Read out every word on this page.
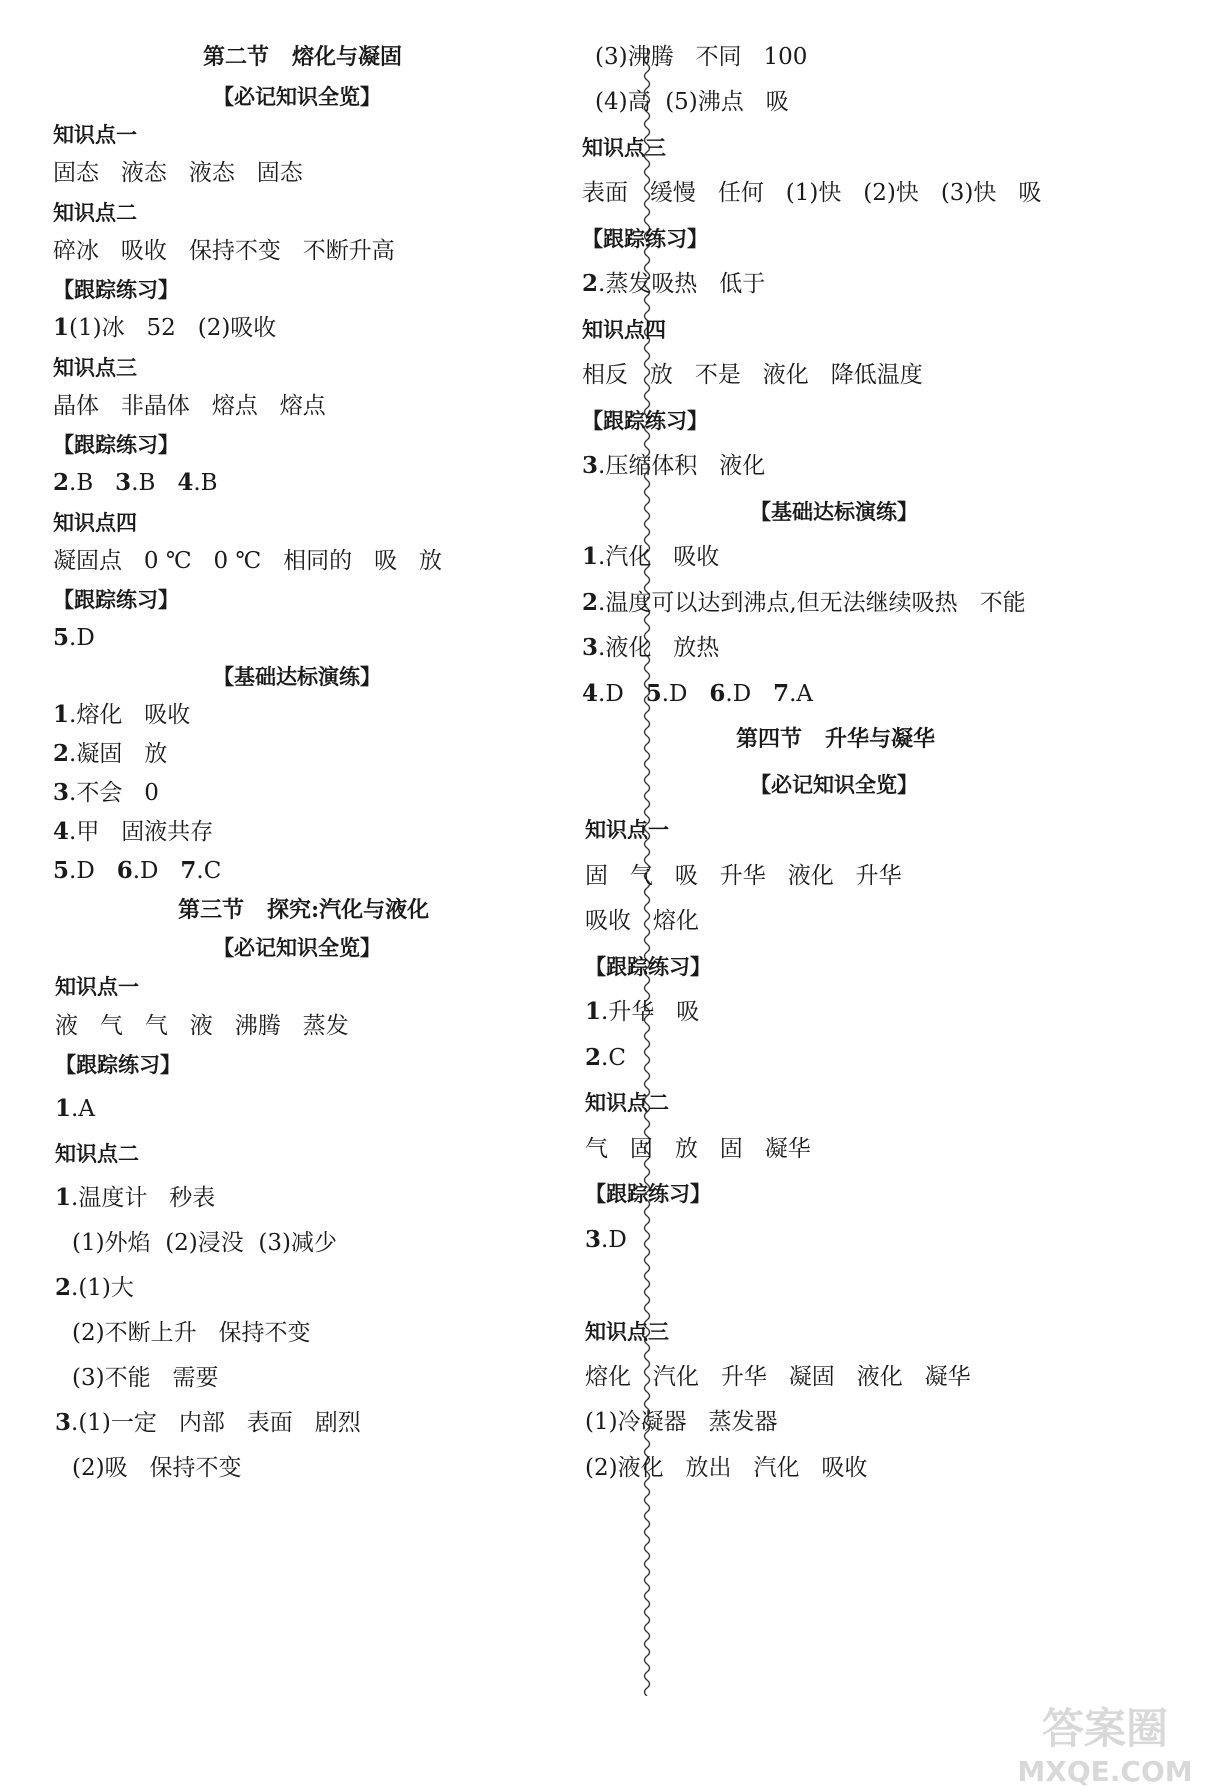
第二节   熔化与凝固
【必记知识全览】
知识点一
固态   液态   液态   固态
知识点二
碎冰   吸收   保持不变   不断升高
【跟踪练习】
1(1)冰   52   (2)吸收
知识点三
晶体   非晶体   熔点   熔点
【跟踪练习】
2.B   3.B   4.B
知识点四
凝固点   0 ℃   0 ℃   相同的   吸   放
【跟踪练习】
5.D
【基础达标演练】
1.熔化   吸收
2.凝固   放
3.不会   0
4.甲   固液共存
5.D   6.D   7.C
第三节   探究:汽化与液化
【必记知识全览】
知识点一
液   气   气   液   沸腾   蒸发
【跟踪练习】
1.A
知识点二
1.温度计   秒表
(1)外焰  (2)浸没  (3)减少
2.(1)大
(2)不断上升   保持不变
(3)不能   需要
3.(1)一定   内部   表面   剧烈
(2)吸   保持不变
(3)沸腾   不同   100
(4)高  (5)沸点   吸
知识点三
表面   缓慢   任何   (1)快   (2)快   (3)快   吸
【跟踪练习】
2.蒸发吸热   低于
知识点四
相反   放   不是   液化   降低温度
【跟踪练习】
3.压缩体积   液化
【基础达标演练】
1.汽化   吸收
2.温度可以达到沸点,但无法继续吸热   不能
3.液化   放热
4.D   5.D   6.D   7.A
第四节   升华与凝华
【必记知识全览】
知识点一
固   气   吸   升华   液化   升华
吸收   熔化
【跟踪练习】
1.升华   吸
2.C
知识点二
气   固   放   固   凝华
【跟踪练习】
3.D
知识点三
熔化   汽化   升华   凝固   液化   凝华
(1)冷凝器   蒸发器
(2)液化   放出   汽化   吸收
答案圈
MXQE.COM
